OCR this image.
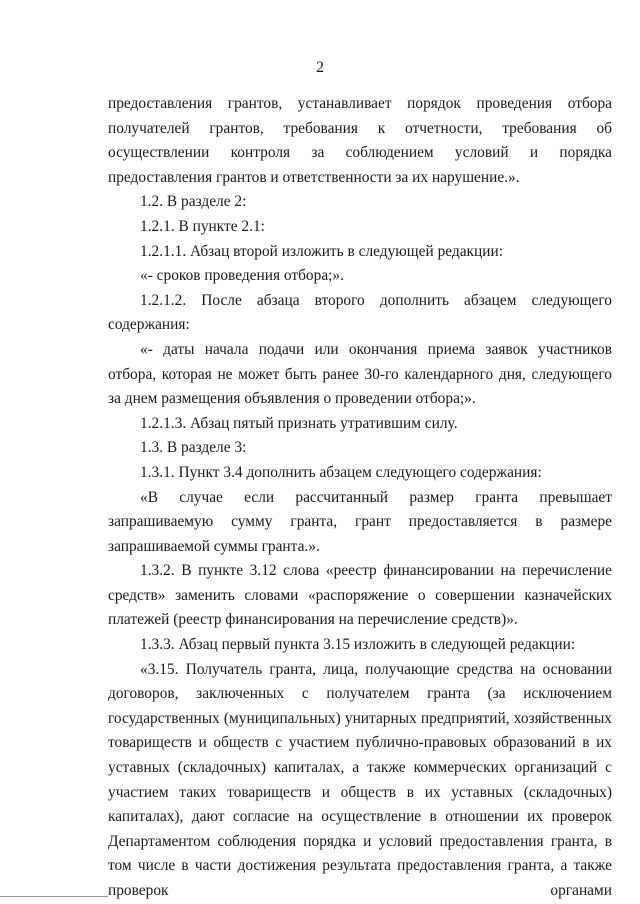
2

предоставления грантов, устанавливает порядок проведения отбора получателей грантов, требования к отчетности, требования об осуществлении контроля за соблюдением условий и порядка предоставления грантов и ответственности за их нарушение.».

1.2. В разделе 2:

1.2.1. В пункте 2.1:

1.2.1.1. Абзац второй изложить в следующей редакции:

«- сроков проведения отбора;».

1.2.1.2. После абзаца второго дополнить абзацем следующего содержания:

«- даты начала подачи или окончания приема заявок участников отбора, которая не может быть ранее 30-го календарного дня, следующего за днем размещения объявления о проведении отбора;».

1.2.1.3. Абзац пятый признать утратившим силу.

1.3. В разделе 3:

1.3.1. Пункт 3.4 дополнить абзацем следующего содержания:

«В случае если рассчитанный размер гранта превышает запрашиваемую сумму гранта, грант предоставляется в размере запрашиваемой суммы гранта.».

1.3.2. В пункте 3.12 слова «реестр финансировании на перечисление средств» заменить словами «распоряжение о совершении казначейских платежей (реестр финансирования на перечисление средств)».

1.3.3. Абзац первый пункта 3.15 изложить в следующей редакции:

«3.15. Получатель гранта, лица, получающие средства на основании договоров, заключенных с получателем гранта (за исключением государственных (муниципальных) унитарных предприятий, хозяйственных товариществ и обществ с участием публично-правовых образований в их уставных (складочных) капиталах, а также коммерческих организаций с участием таких товариществ и обществ в их уставных (складочных) капиталах), дают согласие на осуществление в отношении их проверок Департаментом соблюдения порядка и условий предоставления гранта, в том числе в части достижения результата предоставления гранта, а также проверок органами
